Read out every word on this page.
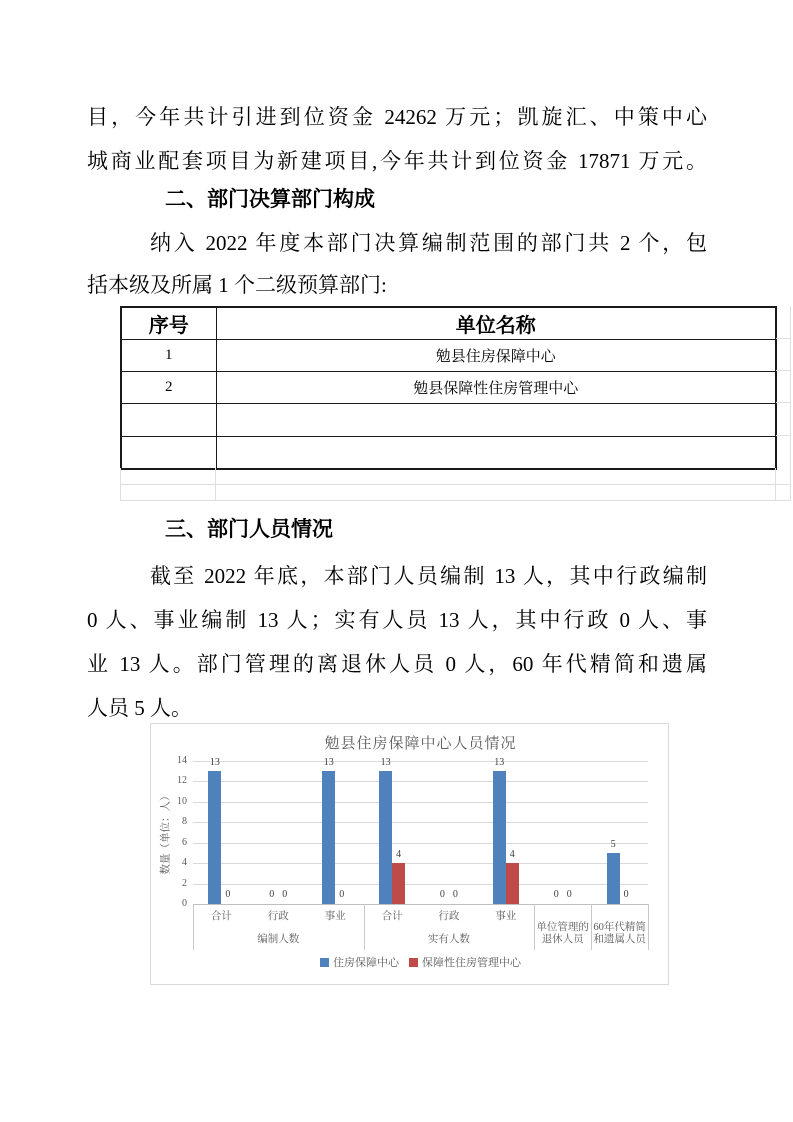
目，今年共计引进到位资金 24262 万元；凯旋汇、中策中心
城商业配套项目为新建项目,今年共计到位资金 17871 万元。
二、部门决算部门构成
纳入 2022 年度本部门决算编制范围的部门共 2 个，包
括本级及所属 1 个二级预算部门:
序号	单位名称
1	勉县住房保障中心
2	勉县保障性住房管理中心

三、部门人员情况
截至 2022 年底，本部门人员编制 13 人，其中行政编制
0 人、事业编制 13 人；实有人员 13 人，其中行政 0 人、事
业 13 人。部门管理的离退休人员 0 人，60 年代精简和遗属
人员 5 人。
勉县住房保障中心人员情况
数量（单位：人）
住房保障中心 保障性住房管理中心
0
2
4
6
8
10
12
14	13
0	0 0
13
0
13
4
0 0
13
4
0 0
5
0
合计	行政	事业
编制人数
合计	行政	事业
实有人数
单位管理的退休人员
60年代精简和遗属人员
